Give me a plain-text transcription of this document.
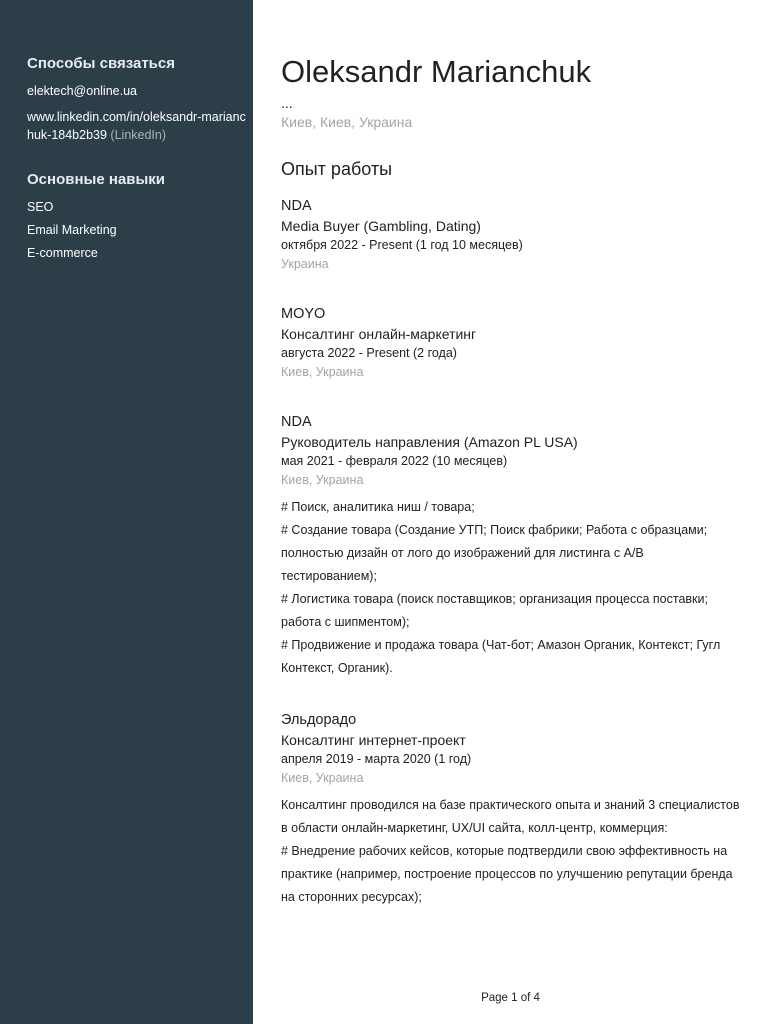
Способы связаться
elektech@online.ua
www.linkedin.com/in/oleksandr-marianchuk-184b2b39 (LinkedIn)
Основные навыки
SEO
Email Marketing
E-commerce
Oleksandr Marianchuk
...
Киев, Киев, Украина
Опыт работы
NDA
Media Buyer (Gambling, Dating)
октября 2022 - Present (1 год 10 месяцев)
Украина
MOYO
Консалтинг онлайн-маркетинг
августа 2022 - Present (2 года)
Киев, Украина
NDA
Руководитель направления (Amazon PL USA)
мая 2021 - февраля 2022 (10 месяцев)
Киев, Украина

# Поиск, аналитика ниш / товара;

# Создание товара (Создание УТП; Поиск фабрики; Работа с образцами; полностью дизайн от лого до изображений для листинга с A/B тестированием);

# Логистика товара (поиск поставщиков; организация процесса поставки; работа с шипментом);

# Продвижение и продажа товара (Чат-бот; Амазон Органик, Контекст; Гугл Контекст, Органик).

Эльдорадо
Консалтинг интернет-проект
апреля 2019 - марта 2020 (1 год)
Киев, Украина

Консалтинг проводился на базе практического опыта и знаний 3 специалистов в области онлайн-маркетинг, UX/UI сайта, колл-центр, коммерция:

# Внедрение рабочих кейсов, которые подтвердили свою эффективность на практике (например, построение процессов по улучшению репутации бренда на сторонних ресурсах);

Page 1 of 4
